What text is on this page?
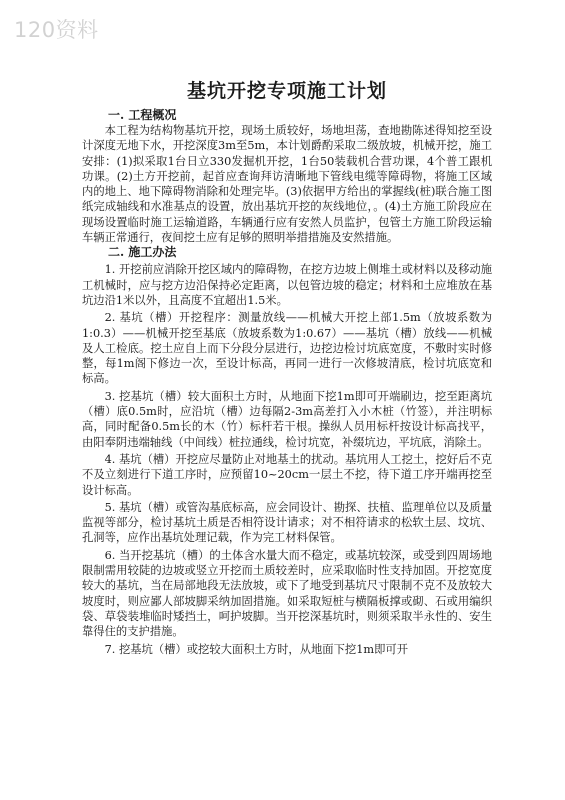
120资料
基坑开挖专项施工计划
一. 工程概况

本工程为结构物基坑开挖，现场土质较好，场地坦荡，查地勘陈述得知挖至设计深度无地下水，开挖深度3m至5m，本计划爵酌采取二级放坡，机械开挖，施工安排：(1)拟采取1台日立330发掘机开挖，1台50装载机合营功课，4个普工跟机功课。(2)土方开挖前，起首应查询拜访清晰地下管线电缆等障碍物，将施工区域内的地上、地下障碍物消除和处理完毕。(3)依据甲方给出的掌握线(桩)联合施工图纸完成轴线和水准基点的设置，放出基坑开挖的灰线地位，。(4)土方施工阶段应在现场设置临时施工运输道路，车辆通行应有安然人员监护，包管土方施工阶段运输车辆正常通行，夜间挖土应有足够的照明举措措施及安然措施。

二. 施工办法

1. 开挖前应消除开挖区域内的障碍物，在挖方边坡上侧堆土或材料以及移动施工机械时，应与挖方边沿保持必定距离，以包管边坡的稳定；材料和土应堆放在基坑边沿1米以外，且高度不宜超出1.5米。

2. 基坑（槽）开挖程序：测量放线——机械大开挖上部1.5m（放坡系数为1:0.3）——机械开挖至基底（放坡系数为1:0.67）——基坑（槽）放线——机械及人工检底。挖土应自上而下分段分层进行，边挖边检讨坑底宽度，不敷时实时修整，每1m阁下修边一次，至设计标高，再同一进行一次修坡清底，检讨坑底宽和标高。

3. 挖基坑（槽）较大面积土方时，从地面下挖1m即可开端刷边，挖至距离坑（槽）底0.5m时，应沿坑（槽）边每隔2-3m高差打入小木桩（竹签），并注明标高，同时配备0.5m长的木（竹）标杆若干根。操纵人员用标杆按设计标高找平，由阳奉阴违端轴线（中间线）桩拉通线，检讨坑宽，补缀坑边，平坑底，消除土。

4. 基坑（槽）开挖应尽量防止对地基土的扰动。基坑用人工挖土，挖好后不克不及立刻进行下道工序时，应预留10~20cm一层土不挖，待下道工序开端再挖至设计标高。

5. 基坑（槽）或管沟基底标高，应会同设计、勘探、扶植、监理单位以及质量监视等部分，检讨基坑土质是否相符设计请求；对不相符请求的松软土层、坟坑、孔洞等，应作出基坑处理记载，作为完工材料保管。

6. 当开挖基坑（槽）的土体含水量大而不稳定，或基坑较深，或受到四周场地限制需用较陡的边坡或竖立开挖而土质较差时，应采取临时性支持加固。开挖宽度较大的基坑，当在局部地段无法放坡，或下了地受到基坑尺寸限制不克不及放较大坡度时，则应鄙人部坡脚采纳加固措施。如采取短桩与横隔板撑或砌、石或用编织袋、草袋装堆临时矮挡土，呵护坡脚。当开挖深基坑时，则须采取半永性的、安生靠得住的支护措施。

7. 挖基坑（槽）或挖较大面积土方时，从地面下挖1m即可开
